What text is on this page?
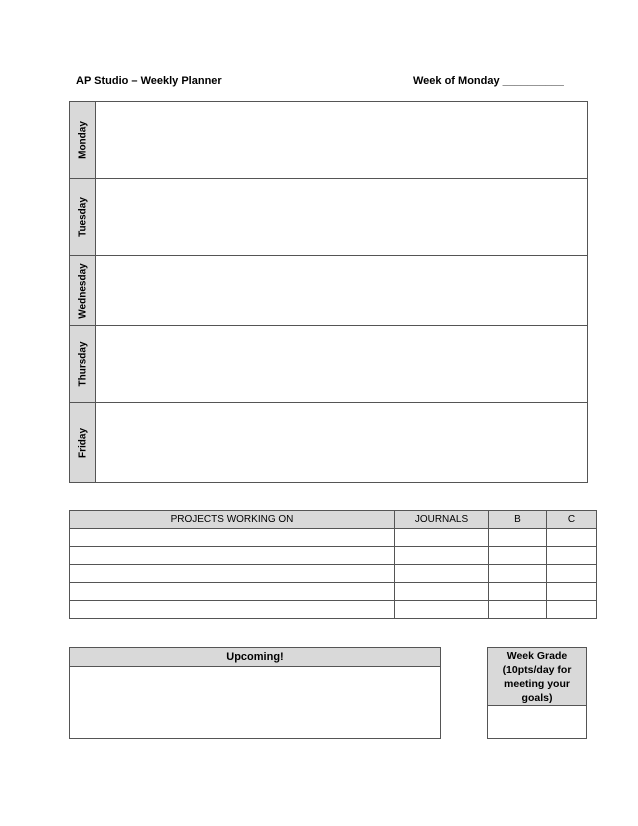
AP Studio – Weekly Planner	Week of Monday __________
Monday
Tuesday
Wednesday
Thursday
Friday
PROJECTS WORKING ON	JOURNALS	B	C

Upcoming!	Week Grade
(10pts/day for
meeting your
goals)
